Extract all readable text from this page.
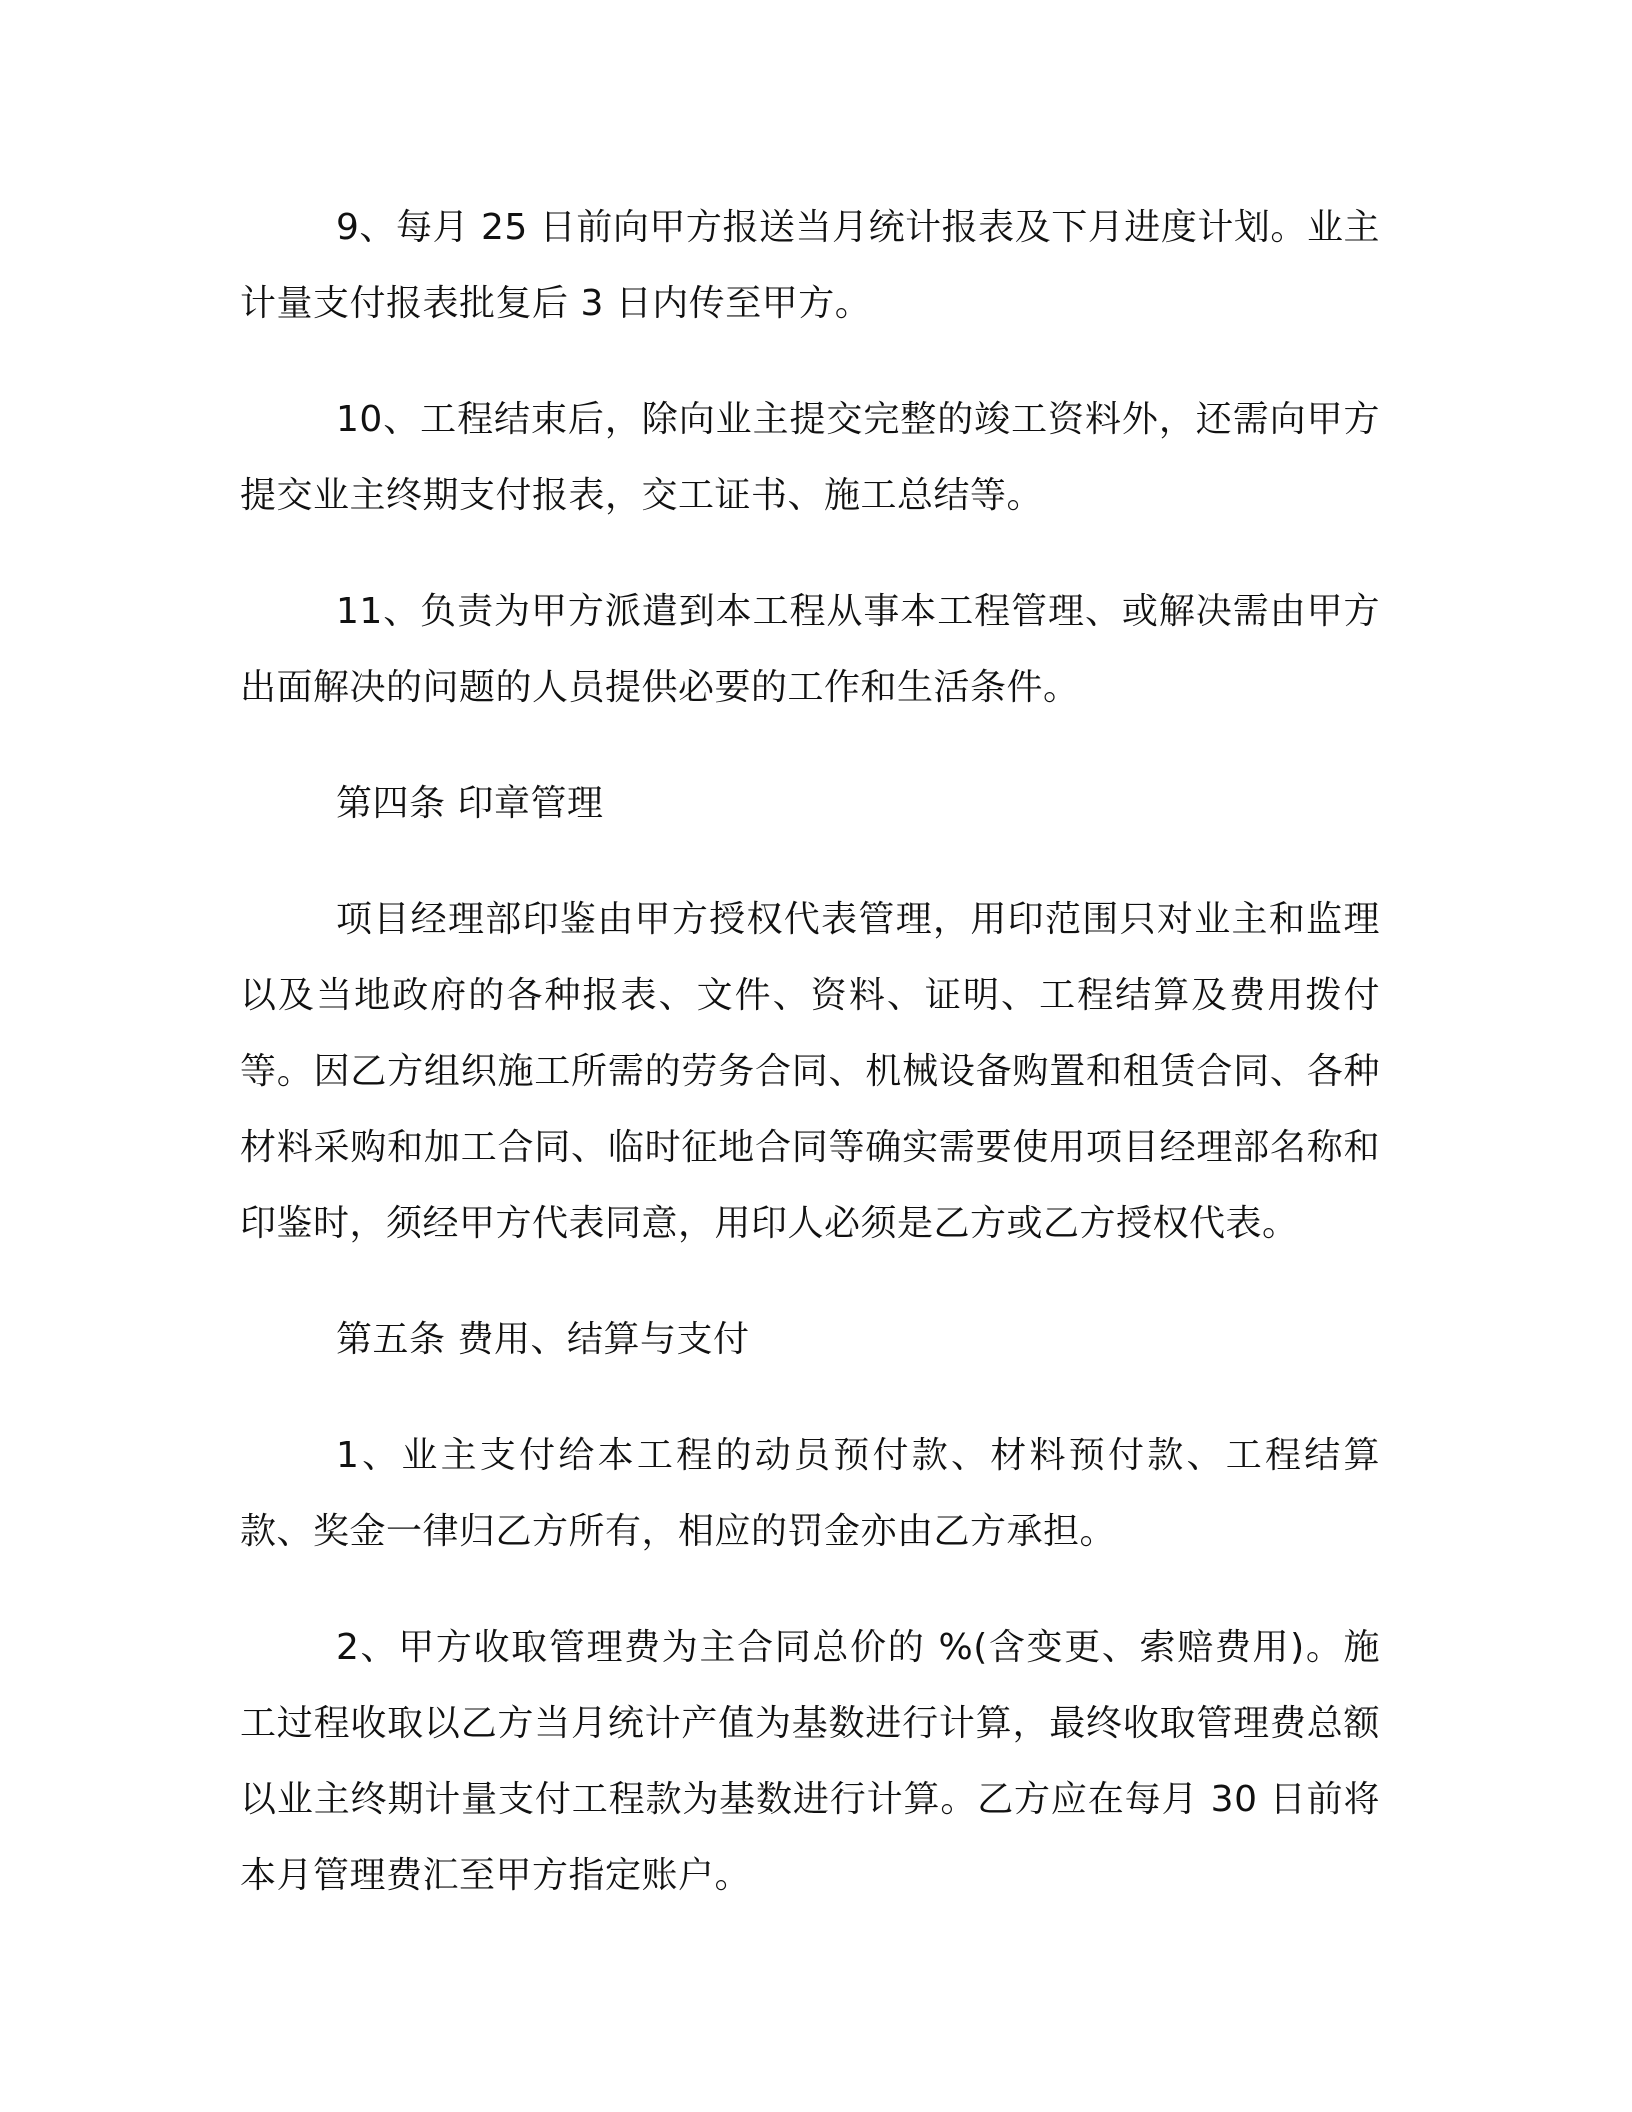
9、每月 25 日前向甲方报送当月统计报表及下月进度计划。业主计量支付报表批复后 3 日内传至甲方。

10、工程结束后，除向业主提交完整的竣工资料外，还需向甲方提交业主终期支付报表，交工证书、施工总结等。

11、负责为甲方派遣到本工程从事本工程管理、或解决需由甲方出面解决的问题的人员提供必要的工作和生活条件。

第四条 印章管理

项目经理部印鉴由甲方授权代表管理，用印范围只对业主和监理以及当地政府的各种报表、文件、资料、证明、工程结算及费用拨付等。因乙方组织施工所需的劳务合同、机械设备购置和租赁合同、各种材料采购和加工合同、临时征地合同等确实需要使用项目经理部名称和印鉴时，须经甲方代表同意，用印人必须是乙方或乙方授权代表。

第五条 费用、结算与支付

1、业主支付给本工程的动员预付款、材料预付款、工程结算款、奖金一律归乙方所有，相应的罚金亦由乙方承担。

2、甲方收取管理费为主合同总价的 %(含变更、索赔费用)。施工过程收取以乙方当月统计产值为基数进行计算，最终收取管理费总额以业主终期计量支付工程款为基数进行计算。乙方应在每月 30 日前将本月管理费汇至甲方指定账户。
